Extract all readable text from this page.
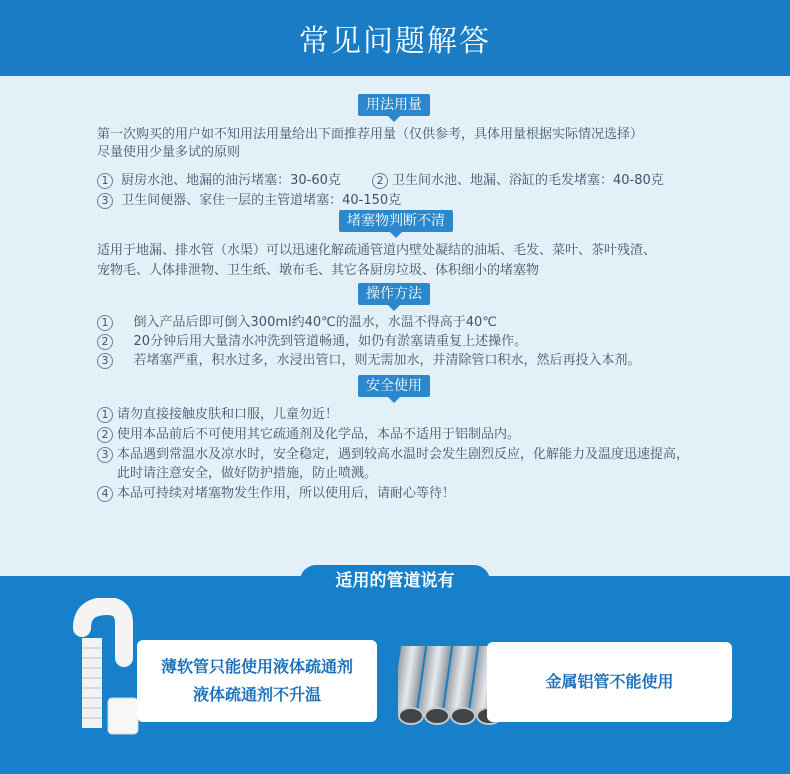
常见问题解答
用法用量
第一次购买的用户如不知用法用量给出下面推荐用量（仅供参考，具体用量根据实际情况选择）
尽量使用少量多试的原则
1 厨房水池、地漏的油污堵塞：30-60克	2 卫生间水池、地漏、浴缸的毛发堵塞：40-80克
3 卫生间便器、家住一层的主管道堵塞：40-150克
堵塞物判断不清
适用于地漏、排水管（水渠）可以迅速化解疏通管道内壁处凝结的油垢、毛发、菜叶、茶叶残渣、
宠物毛、人体排泄物、卫生纸、墩布毛、其它各厨房垃圾、体积细小的堵塞物
操作方法
1 倒入产品后即可倒入300ml约40℃的温水，水温不得高于40℃
2 20分钟后用大量清水冲洗到管道畅通，如仍有淤塞请重复上述操作。
3 若堵塞严重，积水过多，水浸出管口，则无需加水，并清除管口积水，然后再投入本剂。
安全使用
1 请勿直接接触皮肤和口服，儿童勿近！
2 使用本品前后不可使用其它疏通剂及化学品，本品不适用于铝制品内。
3 本品遇到常温水及凉水时，安全稳定，遇到较高水温时会发生剧烈反应，化解能力及温度迅速提高，
此时请注意安全，做好防护措施，防止喷溅。
4 本品可持续对堵塞物发生作用，所以使用后，请耐心等待！
适用的管道说有
薄软管只能使用液体疏通剂
液体疏通剂不升温
金属铝管不能使用
